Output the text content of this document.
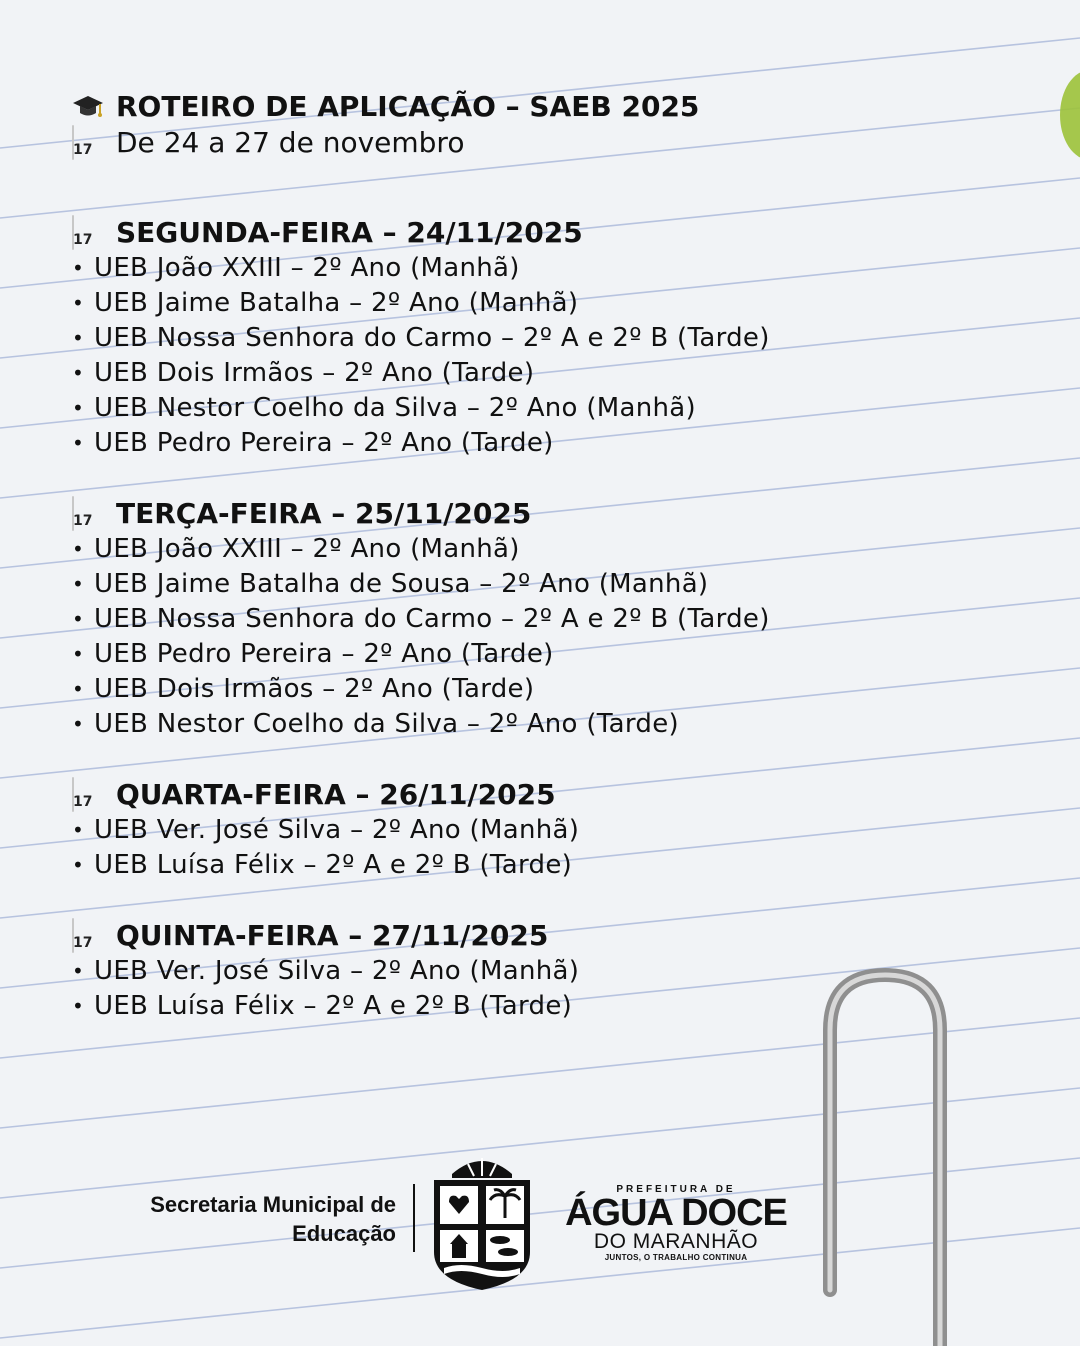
ROTEIRO DE APLICAÇÃO – SAEB 2025
De 24 a 27 de novembro
SEGUNDA-FEIRA – 24/11/2025
• UEB João XXIII – 2º Ano (Manhã)
• UEB Jaime Batalha – 2º Ano (Manhã)
• UEB Nossa Senhora do Carmo – 2º A e 2º B (Tarde)
• UEB Dois Irmãos – 2º Ano (Tarde)
• UEB Nestor Coelho da Silva – 2º Ano (Manhã)
• UEB Pedro Pereira – 2º Ano (Tarde)
TERÇA-FEIRA – 25/11/2025
• UEB João XXIII – 2º Ano (Manhã)
• UEB Jaime Batalha de Sousa – 2º Ano (Manhã)
• UEB Nossa Senhora do Carmo – 2º A e 2º B (Tarde)
• UEB Pedro Pereira – 2º Ano (Tarde)
• UEB Dois Irmãos – 2º Ano (Tarde)
• UEB Nestor Coelho da Silva – 2º Ano (Tarde)
QUARTA-FEIRA – 26/11/2025
• UEB Ver. José Silva – 2º Ano (Manhã)
• UEB Luísa Félix – 2º A e 2º B (Tarde)
QUINTA-FEIRA – 27/11/2025
• UEB Ver. José Silva – 2º Ano (Manhã)
• UEB Luísa Félix – 2º A e 2º B (Tarde)
Secretaria Municipal de
Educação
PREFEITURA DE
ÁGUA DOCE
DO MARANHÃO
JUNTOS, O TRABALHO CONTINUA
